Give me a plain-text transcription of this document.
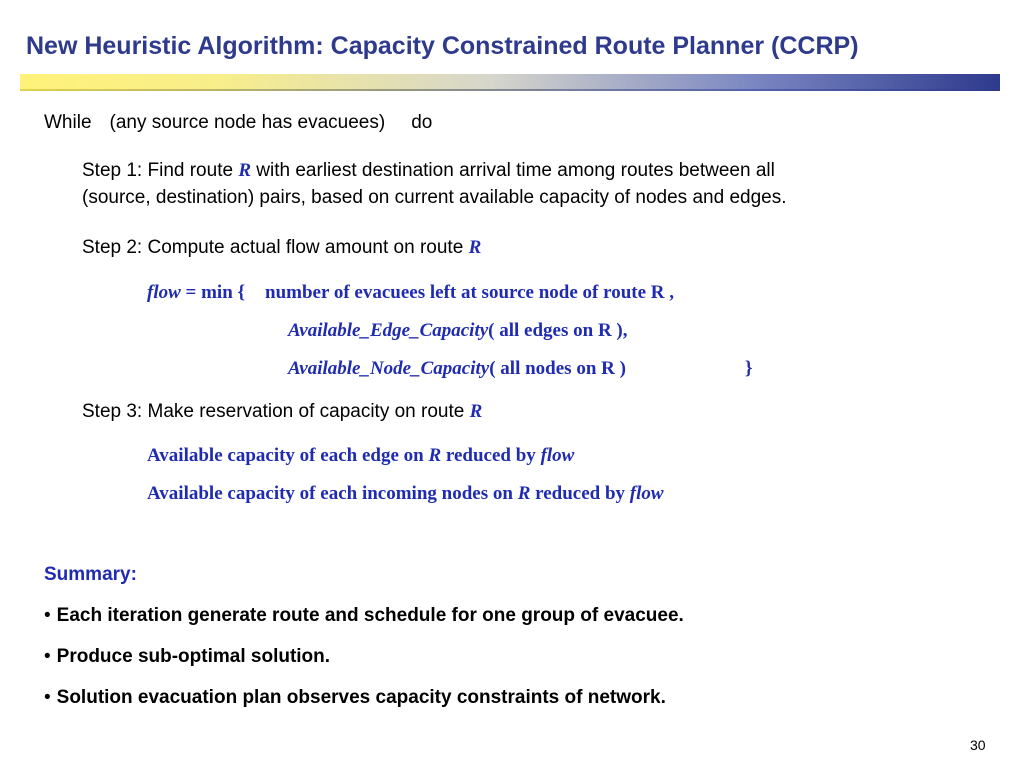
New Heuristic Algorithm: Capacity Constrained Route Planner (CCRP)
While (any source node has evacuees) do
Step 1: Find route R with earliest destination arrival time among routes between all
(source, destination) pairs, based on current available capacity of nodes and edges.
Step 2: Compute actual flow amount on route R
flow = min { number of evacuees left at source node of route R ,
Available_Edge_Capacity( all edges on R ),
Available_Node_Capacity( all nodes on R )	}
Step 3: Make reservation of capacity on route R
Available capacity of each edge on R reduced by flow
Available capacity of each incoming nodes on R reduced by flow
Summary:
• Each iteration generate route and schedule for one group of evacuee.
• Produce sub-optimal solution.
• Solution evacuation plan observes capacity constraints of network.
30
